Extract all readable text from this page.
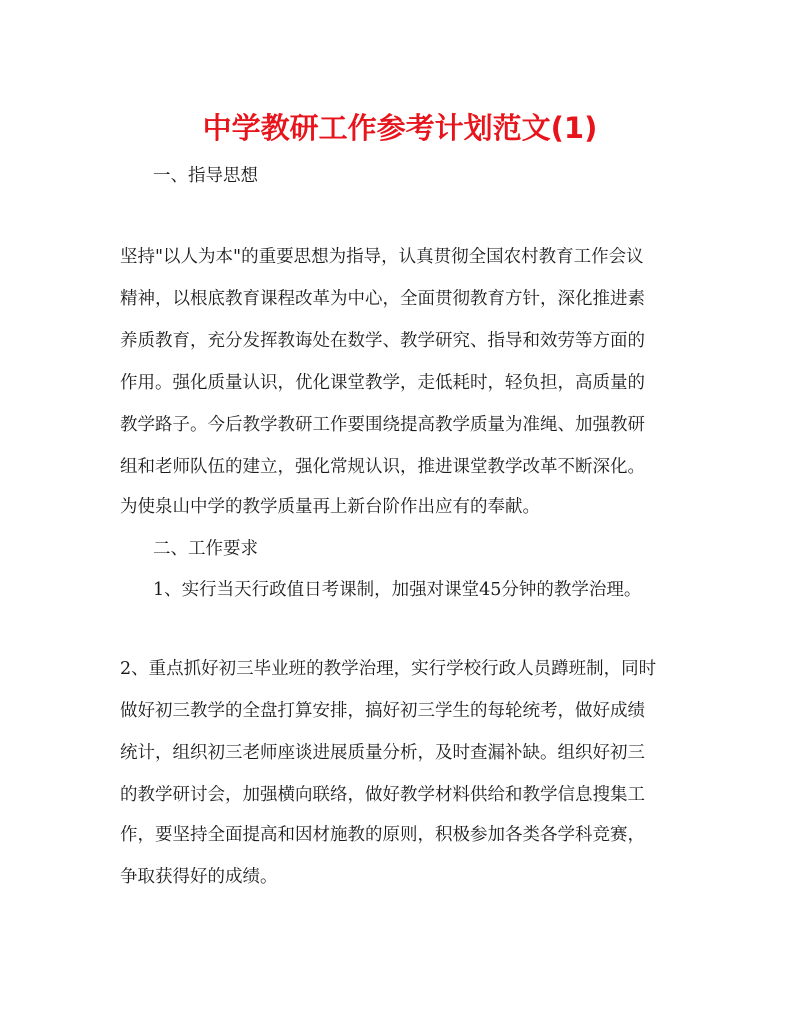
中学教研工作参考计划范文(1)
一、指导思想
坚持"以人为本"的重要思想为指导，认真贯彻全国农村教育工作会议
精神，以根底教育课程改革为中心，全面贯彻教育方针，深化推进素
养质教育，充分发挥教诲处在数学、教学研究、指导和效劳等方面的
作用。强化质量认识，优化课堂教学，走低耗时，轻负担，高质量的
教学路子。今后教学教研工作要围绕提高教学质量为准绳、加强教研
组和老师队伍的建立，强化常规认识，推进课堂教学改革不断深化。
为使泉山中学的教学质量再上新台阶作出应有的奉献。
二、工作要求
1、实行当天行政值日考课制，加强对课堂45分钟的教学治理。
2、重点抓好初三毕业班的教学治理，实行学校行政人员蹲班制，同时
做好初三教学的全盘打算安排，搞好初三学生的每轮统考，做好成绩
统计，组织初三老师座谈进展质量分析，及时查漏补缺。组织好初三
的教学研讨会，加强横向联络，做好教学材料供给和教学信息搜集工
作，要坚持全面提高和因材施教的原则，积极参加各类各学科竞赛，
争取获得好的成绩。
